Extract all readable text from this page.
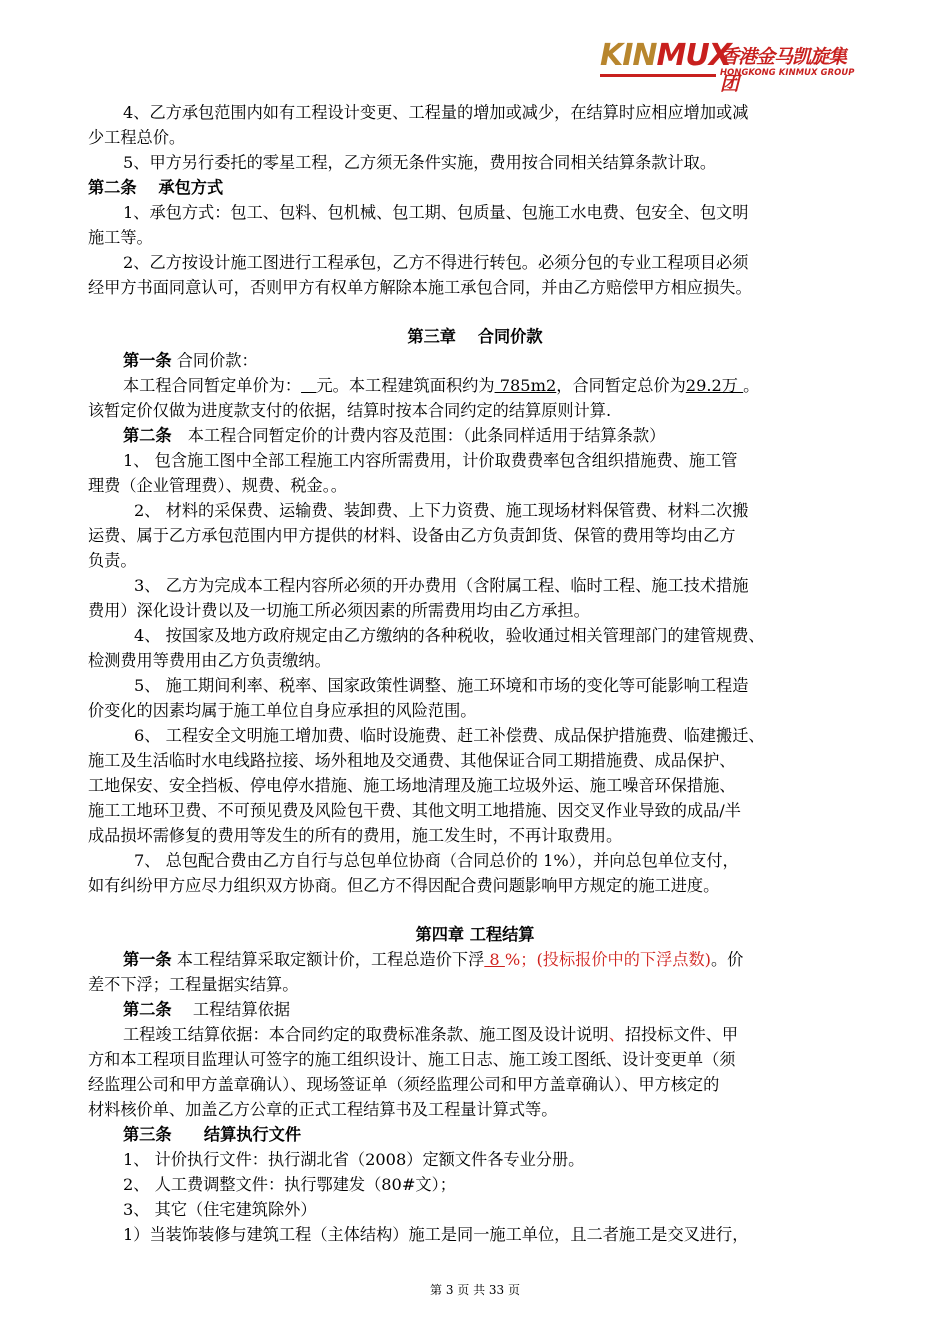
KINMUX
香港金马凯旋集团
HONGKONG KINMUX GROUP
4、乙方承包范围内如有工程设计变更、工程量的增加或减少，在结算时应相应增加或减
少工程总价。
5、甲方另行委托的零星工程，乙方须无条件实施，费用按合同相关结算条款计取。
第二条　 承包方式
1、承包方式：包工、包料、包机械、包工期、包质量、包施工水电费、包安全、包文明
施工等。
2、乙方按设计施工图进行工程承包，乙方不得进行转包。必须分包的专业工程项目必须
经甲方书面同意认可，否则甲方有权单方解除本施工承包合同，并由乙方赔偿甲方相应损失。
第三章　 合同价款
第一条 合同价款：
本工程合同暂定单价为： 元。本工程建筑面积约为 785m2，合同暂定总价为29.2万 。
该暂定价仅做为进度款支付的依据，结算时按本合同约定的结算原则计算.
第二条　本工程合同暂定价的计费内容及范围：（此条同样适用于结算条款）
1、 包含施工图中全部工程施工内容所需费用，计价取费费率包含组织措施费、施工管
理费（企业管理费）、规费、税金。。
2、 材料的采保费、运输费、装卸费、上下力资费、施工现场材料保管费、材料二次搬
运费、属于乙方承包范围内甲方提供的材料、设备由乙方负责卸货、保管的费用等均由乙方
负责。
3、 乙方为完成本工程内容所必须的开办费用（含附属工程、临时工程、施工技术措施
费用）深化设计费以及一切施工所必须因素的所需费用均由乙方承担。
4、 按国家及地方政府规定由乙方缴纳的各种税收，验收通过相关管理部门的建管规费、
检测费用等费用由乙方负责缴纳。
5、 施工期间利率、税率、国家政策性调整、施工环境和市场的变化等可能影响工程造
价变化的因素均属于施工单位自身应承担的风险范围。
6、 工程安全文明施工增加费、临时设施费、赶工补偿费、成品保护措施费、临建搬迁、
施工及生活临时水电线路拉接、场外租地及交通费、其他保证合同工期措施费、成品保护、
工地保安、安全挡板、停电停水措施、施工场地清理及施工垃圾外运、施工噪音环保措施、
施工工地环卫费、不可预见费及风险包干费、其他文明工地措施、因交叉作业导致的成品/半
成品损坏需修复的费用等发生的所有的费用，施工发生时，不再计取费用。
7、 总包配合费由乙方自行与总包单位协商（合同总价的 1%），并向总包单位支付，
如有纠纷甲方应尽力组织双方协商。但乙方不得因配合费问题影响甲方规定的施工进度。
第四章 工程结算
第一条 本工程结算采取定额计价，工程总造价下浮 8 %；(投标报价中的下浮点数)。价
差不下浮；工程量据实结算。
第二条　 工程结算依据
工程竣工结算依据：本合同约定的取费标准条款、施工图及设计说明、招投标文件、甲
方和本工程项目监理认可签字的施工组织设计、施工日志、施工竣工图纸、设计变更单（须
经监理公司和甲方盖章确认）、现场签证单（须经监理公司和甲方盖章确认）、甲方核定的
材料核价单、加盖乙方公章的正式工程结算书及工程量计算式等。
第三条　　结算执行文件
1、 计价执行文件：执行湖北省（2008）定额文件各专业分册。
2、 人工费调整文件：执行鄂建发（80#文）；
3、 其它（住宅建筑除外）
1）当装饰装修与建筑工程（主体结构）施工是同一施工单位，且二者施工是交叉进行，
第 3 页 共 33 页
